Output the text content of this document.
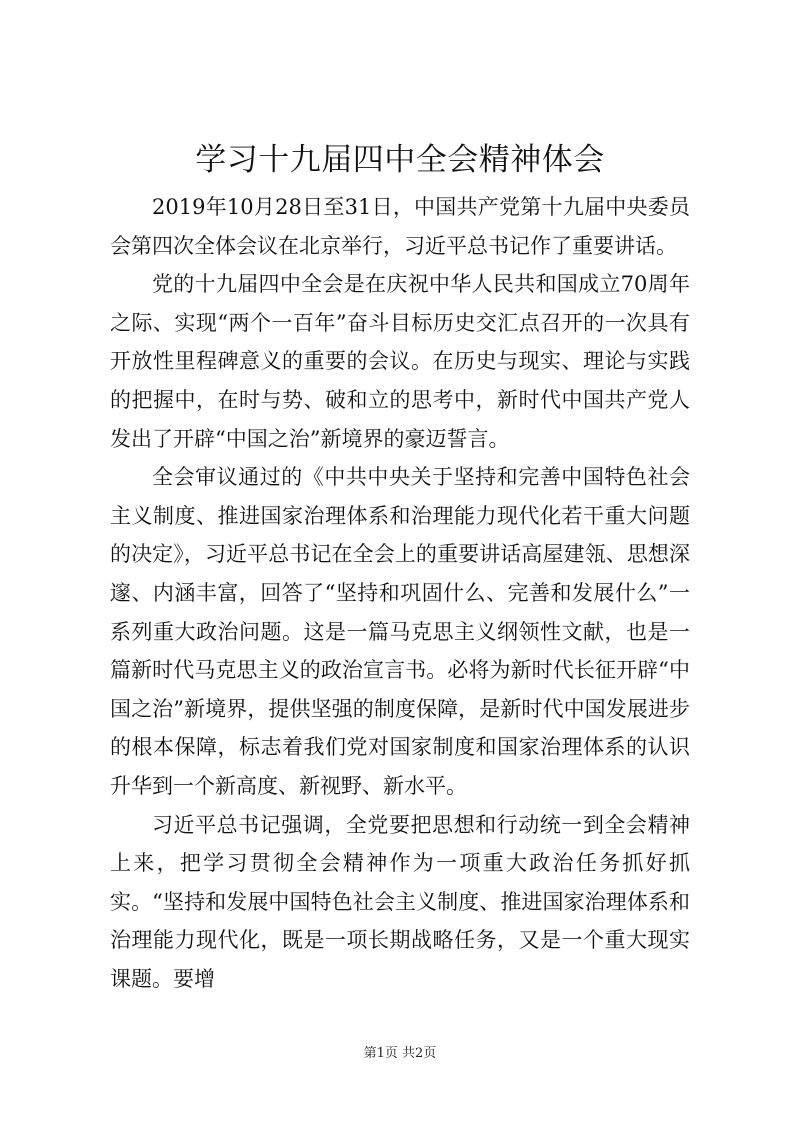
学习十九届四中全会精神体会

2019年10月28日至31日，中国共产党第十九届中央委员会第四次全体会议在北京举行，习近平总书记作了重要讲话。

党的十九届四中全会是在庆祝中华人民共和国成立70周年之际、实现“两个一百年”奋斗目标历史交汇点召开的一次具有开放性里程碑意义的重要的会议。在历史与现实、理论与实践的把握中，在时与势、破和立的思考中，新时代中国共产党人发出了开辟“中国之治”新境界的豪迈誓言。

全会审议通过的《中共中央关于坚持和完善中国特色社会主义制度、推进国家治理体系和治理能力现代化若干重大问题的决定》，习近平总书记在全会上的重要讲话高屋建瓴、思想深邃、内涵丰富，回答了“坚持和巩固什么、完善和发展什么”一系列重大政治问题。这是一篇马克思主义纲领性文献，也是一篇新时代马克思主义的政治宣言书。必将为新时代长征开辟“中国之治”新境界，提供坚强的制度保障，是新时代中国发展进步的根本保障，标志着我们党对国家制度和国家治理体系的认识升华到一个新高度、新视野、新水平。

习近平总书记强调，全党要把思想和行动统一到全会精神上来，把学习贯彻全会精神作为一项重大政治任务抓好抓实。“坚持和发展中国特色社会主义制度、推进国家治理体系和治理能力现代化，既是一项长期战略任务，又是一个重大现实课题。要增

第1页 共2页
